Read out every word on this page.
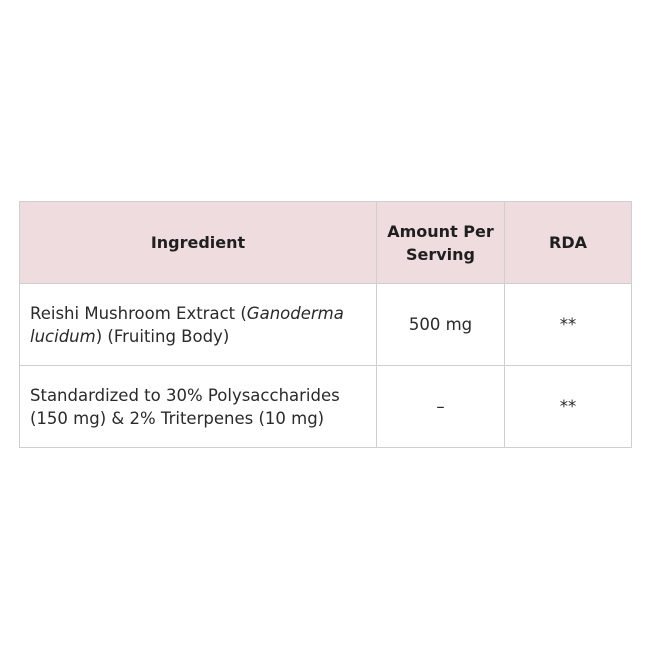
Ingredient	Amount Per Serving	RDA
Reishi Mushroom Extract (Ganoderma lucidum) (Fruiting Body)	500 mg	**
Standardized to 30% Polysaccharides (150 mg) & 2% Triterpenes (10 mg)	–	**
